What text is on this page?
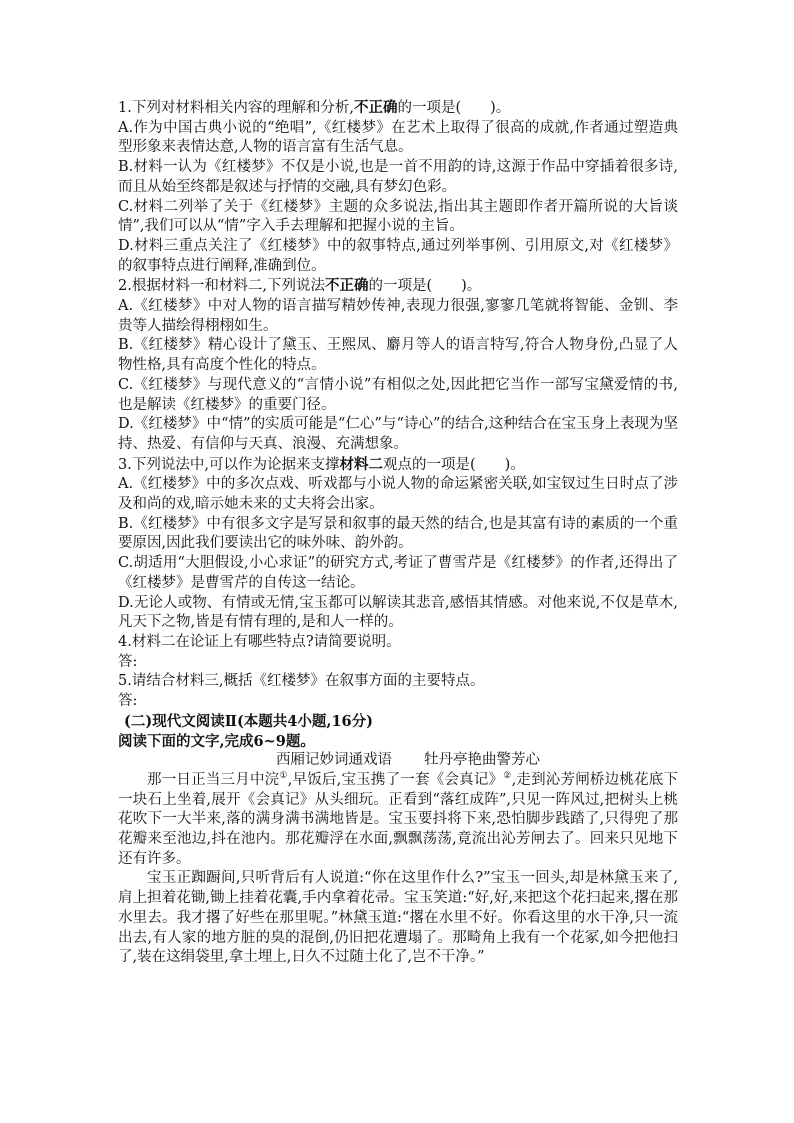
1.下列对材料相关内容的理解和分析,不正确的一项是(　　)。

A.作为中国古典小说的“绝唱”,《红楼梦》在艺术上取得了很高的成就,作者通过塑造典型形象来表情达意,人物的语言富有生活气息。

B.材料一认为《红楼梦》不仅是小说,也是一首不用韵的诗,这源于作品中穿插着很多诗,而且从始至终都是叙述与抒情的交融,具有梦幻色彩。

C.材料二列举了关于《红楼梦》主题的众多说法,指出其主题即作者开篇所说的大旨谈情”,我们可以从“情”字入手去理解和把握小说的主旨。

D.材料三重点关注了《红楼梦》中的叙事特点,通过列举事例、引用原文,对《红楼梦》的叙事特点进行阐释,准确到位。

2.根据材料一和材料二,下列说法不正确的一项是(　　)。

A.《红楼梦》中对人物的语言描写精妙传神,表现力很强,寥寥几笔就将智能、金钏、李贵等人描绘得栩栩如生。

B.《红楼梦》精心设计了黛玉、王熙凤、麝月等人的语言特写,符合人物身份,凸显了人物性格,具有高度个性化的特点。

C.《红楼梦》与现代意义的“言情小说”有相似之处,因此把它当作一部写宝黛爱情的书,也是解读《红楼梦》的重要门径。

D.《红楼梦》中“情”的实质可能是“仁心”与“诗心”的结合,这种结合在宝玉身上表现为坚持、热爱、有信仰与天真、浪漫、充满想象。

3.下列说法中,可以作为论据来支撑材料二观点的一项是(　　)。

A.《红楼梦》中的多次点戏、听戏都与小说人物的命运紧密关联,如宝钗过生日时点了涉及和尚的戏,暗示她未来的丈夫将会出家。

B.《红楼梦》中有很多文字是写景和叙事的最天然的结合,也是其富有诗的素质的一个重要原因,因此我们要读出它的味外味、韵外韵。

C.胡适用“大胆假设,小心求证”的研究方式,考证了曹雪芹是《红楼梦》的作者,还得出了《红楼梦》是曹雪芹的自传这一结论。

D.无论人或物、有情或无情,宝玉都可以解读其悲音,感悟其情感。对他来说,不仅是草木,凡天下之物,皆是有情有理的,是和人一样的。

4.材料二在论证上有哪些特点?请简要说明。

答:

5.请结合材料三,概括《红楼梦》在叙事方面的主要特点。

答:

(二)现代文阅读Ⅱ(本题共4小题,16分)

阅读下面的文字,完成6~9题。

西厢记妙词通戏语 牡丹亭艳曲警芳心

那一日正当三月中浣①,早饭后,宝玉携了一套《会真记》②,走到沁芳闸桥边桃花底下一块石上坐着,展开《会真记》从头细玩。正看到“落红成阵”,只见一阵风过,把树头上桃花吹下一大半来,落的满身满书满地皆是。宝玉要抖将下来,恐怕脚步践踏了,只得兜了那花瓣来至池边,抖在池内。那花瓣浮在水面,飘飘荡荡,竟流出沁芳闸去了。回来只见地下还有许多。

宝玉正踟蹰间,只听背后有人说道:“你在这里作什么?”宝玉一回头,却是林黛玉来了,肩上担着花锄,锄上挂着花囊,手内拿着花帚。宝玉笑道:“好,好,来把这个花扫起来,撂在那水里去。我才撂了好些在那里呢。”林黛玉道:“撂在水里不好。你看这里的水干净,只一流出去,有人家的地方脏的臭的混倒,仍旧把花遭塌了。那畸角上我有一个花冢,如今把他扫了,装在这绢袋里,拿土埋上,日久不过随土化了,岂不干净。”
